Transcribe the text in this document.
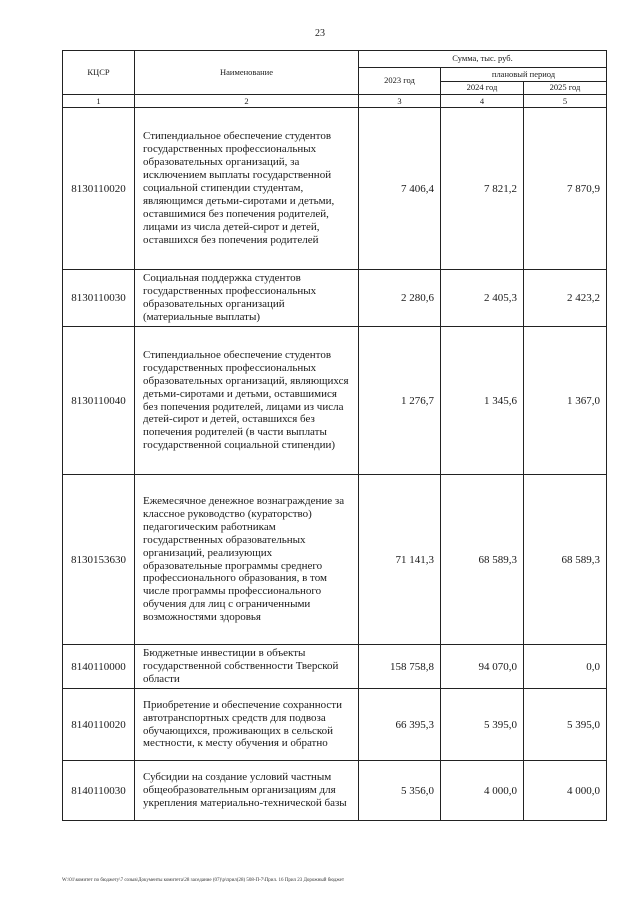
23
КЦСР	Наименование	Сумма, тыс. руб.		
		2023 год	плановый период	
			2024 год	2025 год
1	2	3	4	5
8130110020	Стипендиальное обеспечение студентов государственных профессиональных образовательных организаций, за исключением выплаты государственной социальной стипендии студентам, являющимся детьми-сиротами и детьми, оставшимися без попечения родителей, лицами из числа детей-сирот и детей, оставшихся без попечения родителей	7 406,4	7 821,2	7 870,9
8130110030	Социальная поддержка студентов государственных профессиональных образовательных организаций (материальные выплаты)	2 280,6	2 405,3	2 423,2
8130110040	Стипендиальное обеспечение студентов государственных профессиональных образовательных организаций, являющихся детьми-сиротами и детьми, оставшимися без попечения родителей, лицами из числа детей-сирот и детей, оставшихся без попечения родителей (в части выплаты государственной социальной стипендии)	1 276,7	1 345,6	1 367,0
8130153630	Ежемесячное денежное вознаграждение за классное руководство (кураторство) педагогическим работникам государственных образовательных организаций, реализующих образовательные программы среднего профессионального образования, в том числе программы профессионального обучения для лиц с ограниченными возможностями здоровья	71 141,3	68 589,3	68 589,3
8140110000	Бюджетные инвестиции в объекты государственной собственности Тверской области	158 758,8	94 070,0	0,0
8140110020	Приобретение и обеспечение сохранности автотранспортных средств для подвоза обучающихся, проживающих в сельской местности, к месту обучения и обратно	66 395,3	5 395,0	5 395,0
8140110030	Субсидии на создание условий частным общеобразовательным организациям для укрепления материально-технической базы	5 356,0	4 000,0	4 000,0
W:\01\комитет по бюджету\7 созыв\Документы комитета\28 заседание (07)\р\прил(28) 508-П-7\Прил. 16 Прил 23 Дорожный бюджет
